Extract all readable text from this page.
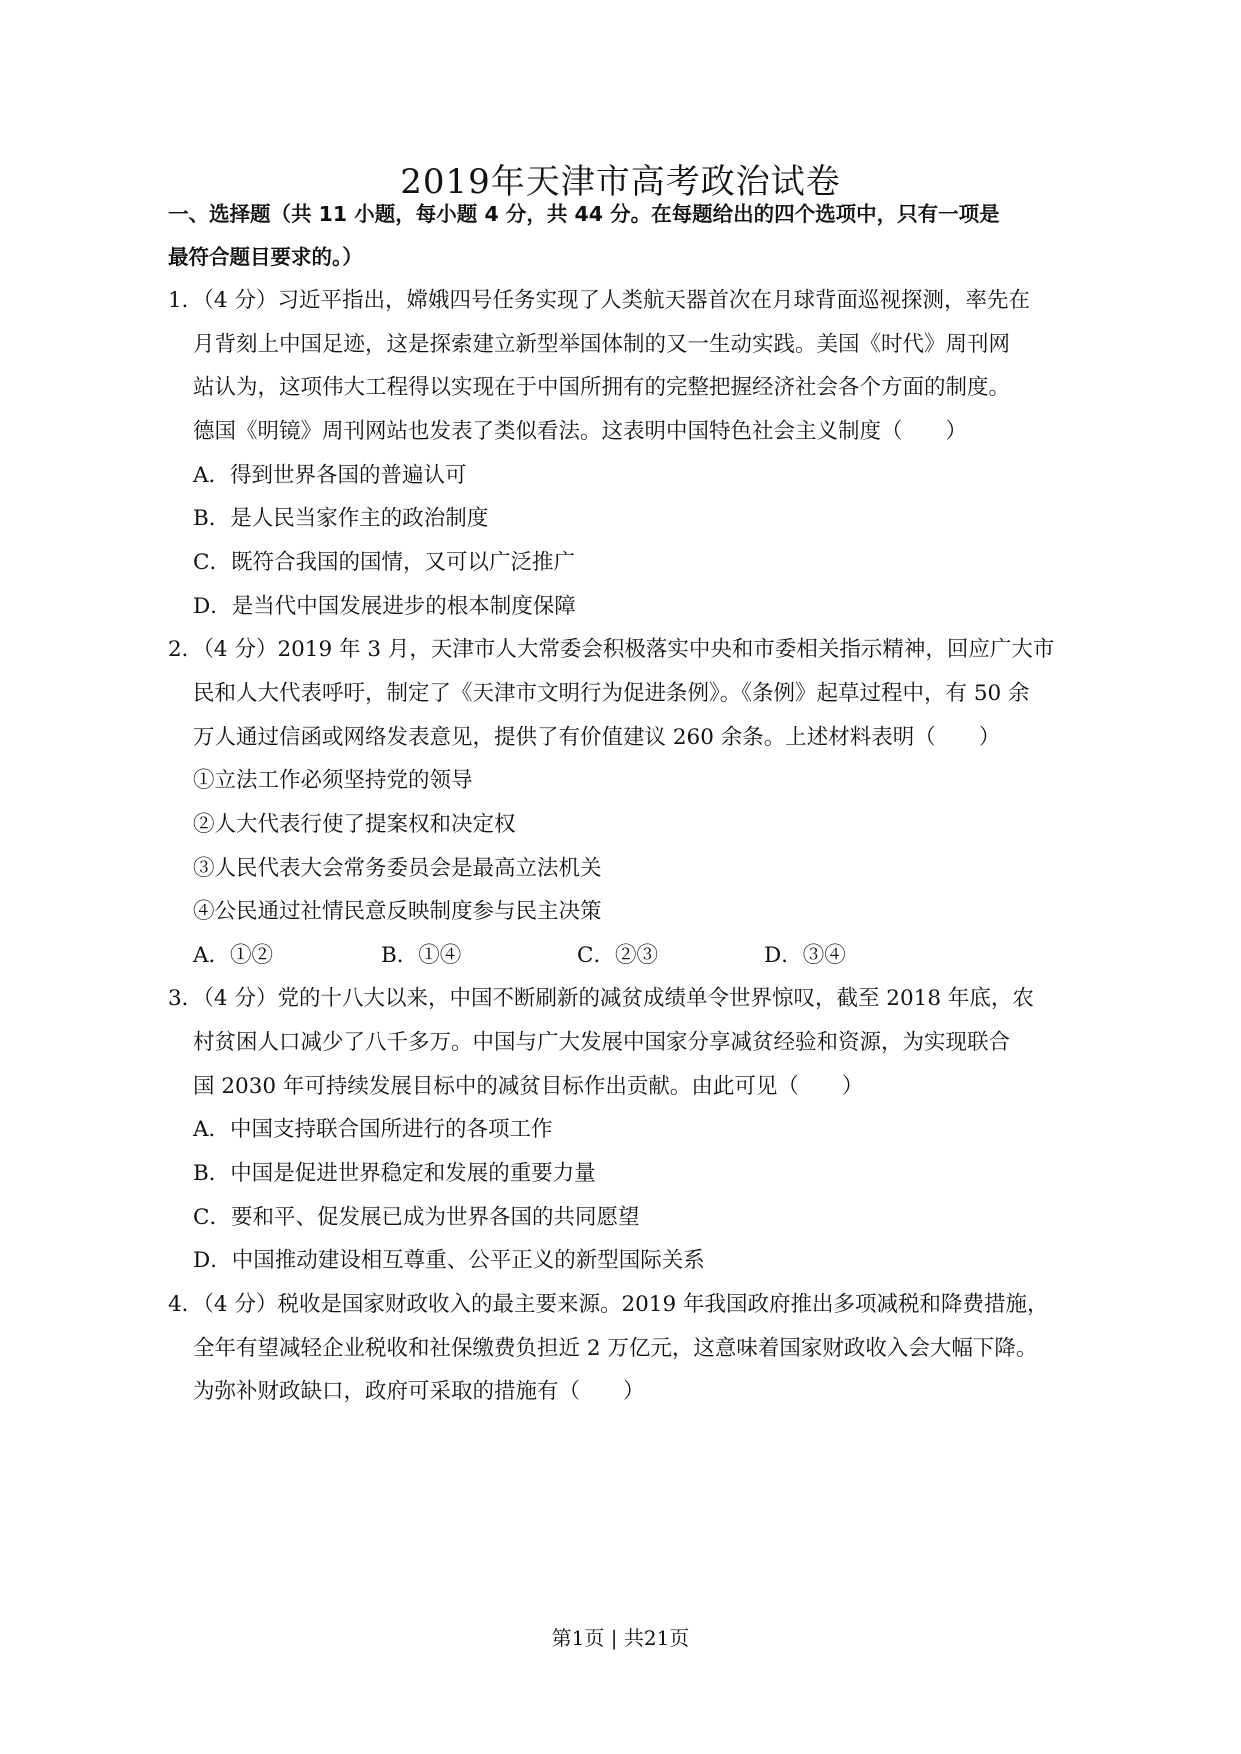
2019年天津市高考政治试卷
一、选择题（共 11 小题，每小题 4 分，共 44 分。在每题给出的四个选项中，只有一项是
最符合题目要求的。）
1．（4 分）习近平指出，嫦娥四号任务实现了人类航天器首次在月球背面巡视探测，率先在
月背刻上中国足迹，这是探索建立新型举国体制的又一生动实践。美国《时代》周刊网
站认为，这项伟大工程得以实现在于中国所拥有的完整把握经济社会各个方面的制度。
德国《明镜》周刊网站也发表了类似看法。这表明中国特色社会主义制度（　　）
A．得到世界各国的普遍认可
B．是人民当家作主的政治制度
C．既符合我国的国情，又可以广泛推广
D．是当代中国发展进步的根本制度保障
2．（4 分）2019 年 3 月，天津市人大常委会积极落实中央和市委相关指示精神，回应广大市
民和人大代表呼吁，制定了《天津市文明行为促进条例》。《条例》起草过程中，有 50 余
万人通过信函或网络发表意见，提供了有价值建议 260 余条。上述材料表明（　　）
①立法工作必须坚持党的领导
②人大代表行使了提案权和决定权
③人民代表大会常务委员会是最高立法机关
④公民通过社情民意反映制度参与民主决策
A．①②	B．①④	C．②③	D．③④
3．（4 分）党的十八大以来，中国不断刷新的减贫成绩单令世界惊叹，截至 2018 年底，农
村贫困人口减少了八千多万。中国与广大发展中国家分享减贫经验和资源，为实现联合
国 2030 年可持续发展目标中的减贫目标作出贡献。由此可见（　　）
A．中国支持联合国所进行的各项工作
B．中国是促进世界稳定和发展的重要力量
C．要和平、促发展已成为世界各国的共同愿望
D．中国推动建设相互尊重、公平正义的新型国际关系
4．（4 分）税收是国家财政收入的最主要来源。2019 年我国政府推出多项减税和降费措施，
全年有望减轻企业税收和社保缴费负担近 2 万亿元，这意味着国家财政收入会大幅下降。
为弥补财政缺口，政府可采取的措施有（　　）
第1页 | 共21页
